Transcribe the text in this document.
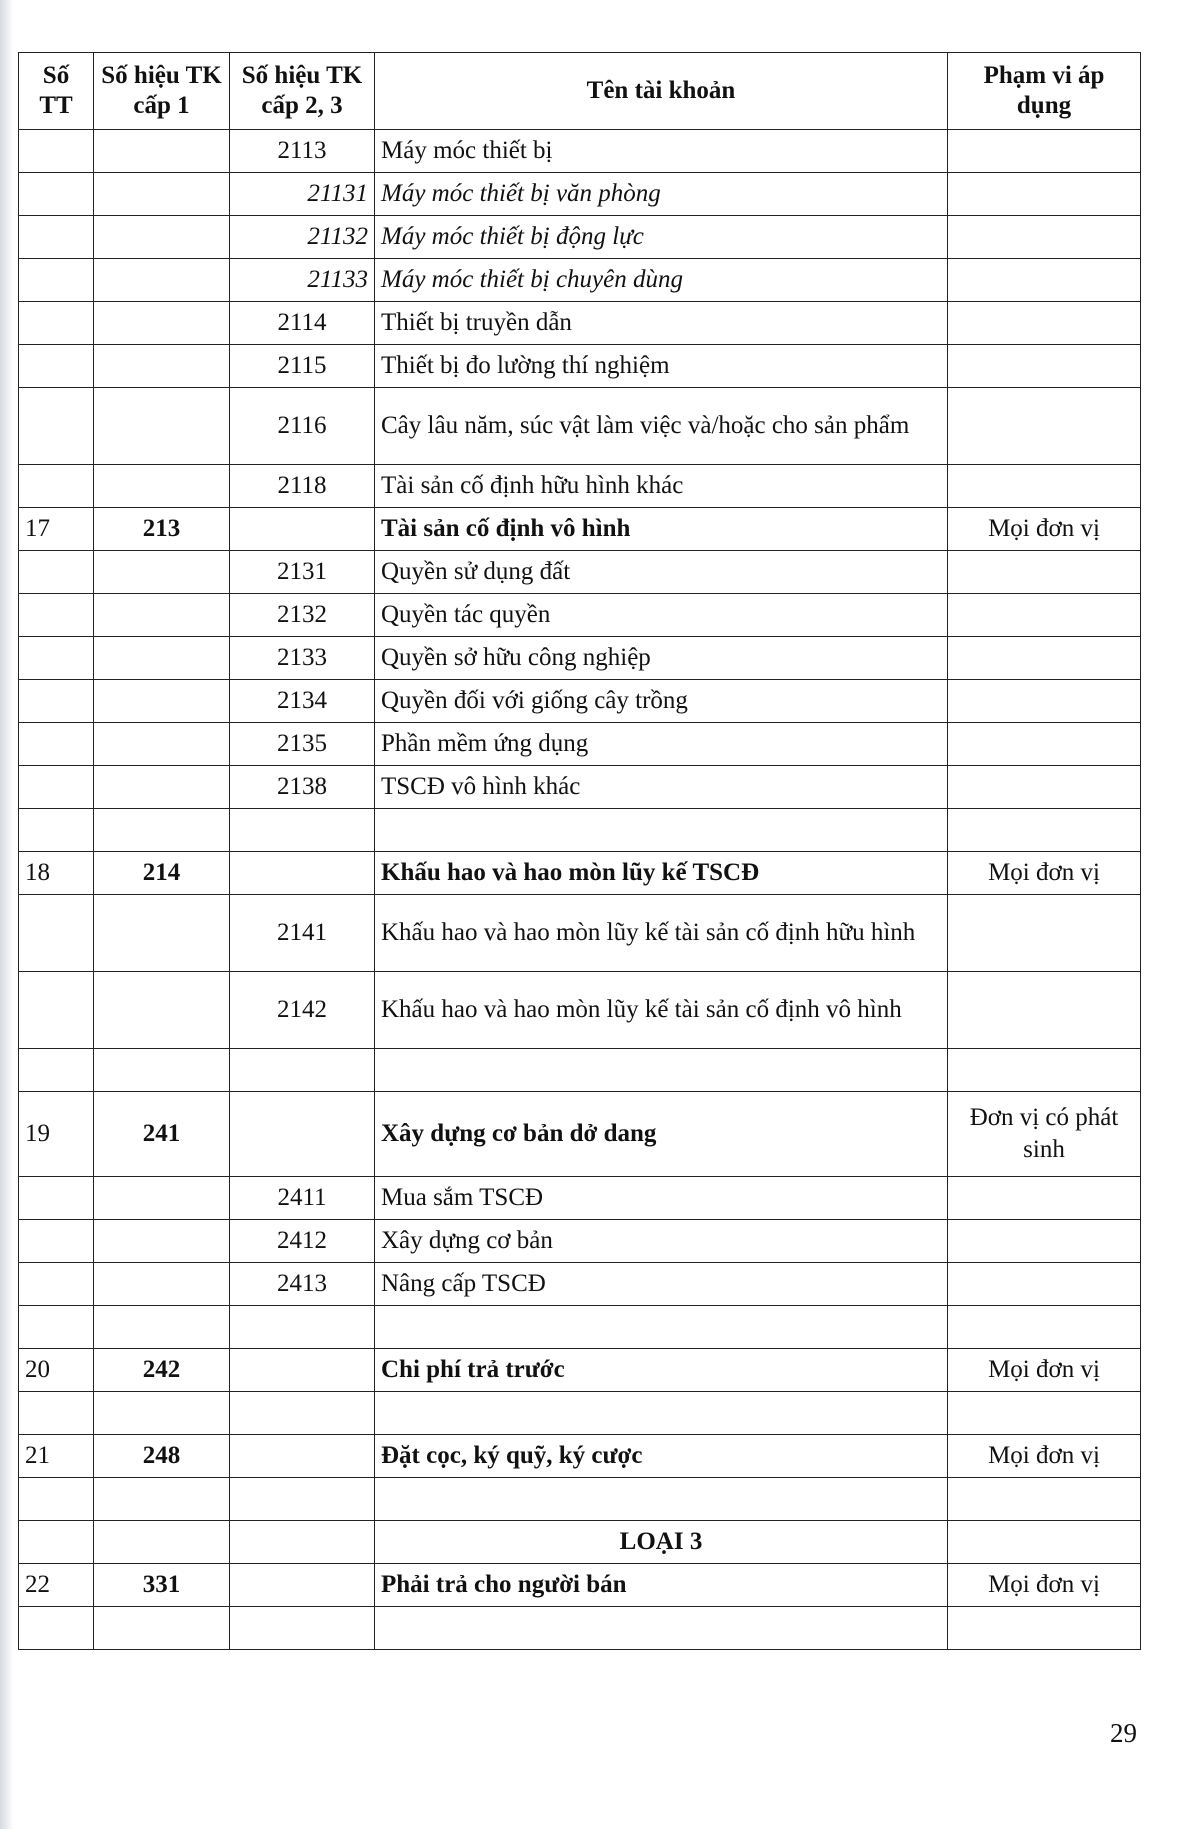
Số TT	Số hiệu TK cấp 1	Số hiệu TK cấp 2, 3	Tên tài khoản	Phạm vi áp dụng
		2113	Máy móc thiết bị	
		21131	Máy móc thiết bị văn phòng	
		21132	Máy móc thiết bị động lực	
		21133	Máy móc thiết bị chuyên dùng	
		2114	Thiết bị truyền dẫn	
		2115	Thiết bị đo lường thí nghiệm	
		2116	Cây lâu năm, súc vật làm việc và/hoặc cho sản phẩm	
		2118	Tài sản cố định hữu hình khác	
17	213		Tài sản cố định vô hình	Mọi đơn vị
		2131	Quyền sử dụng đất	
		2132	Quyền tác quyền	
		2133	Quyền sở hữu công nghiệp	
		2134	Quyền đối với giống cây trồng	
		2135	Phần mềm ứng dụng	
		2138	TSCĐ vô hình khác	

18	214		Khấu hao và hao mòn lũy kế TSCĐ	Mọi đơn vị
		2141	Khấu hao và hao mòn lũy kế tài sản cố định hữu hình	
		2142	Khấu hao và hao mòn lũy kế tài sản cố định vô hình	

19	241		Xây dựng cơ bản dở dang	Đơn vị có phát sinh
		2411	Mua sắm TSCĐ	
		2412	Xây dựng cơ bản	
		2413	Nâng cấp TSCĐ	

20	242		Chi phí trả trước	Mọi đơn vị

21	248		Đặt cọc, ký quỹ, ký cược	Mọi đơn vị

			LOẠI 3	
22	331		Phải trả cho người bán	Mọi đơn vị

29
